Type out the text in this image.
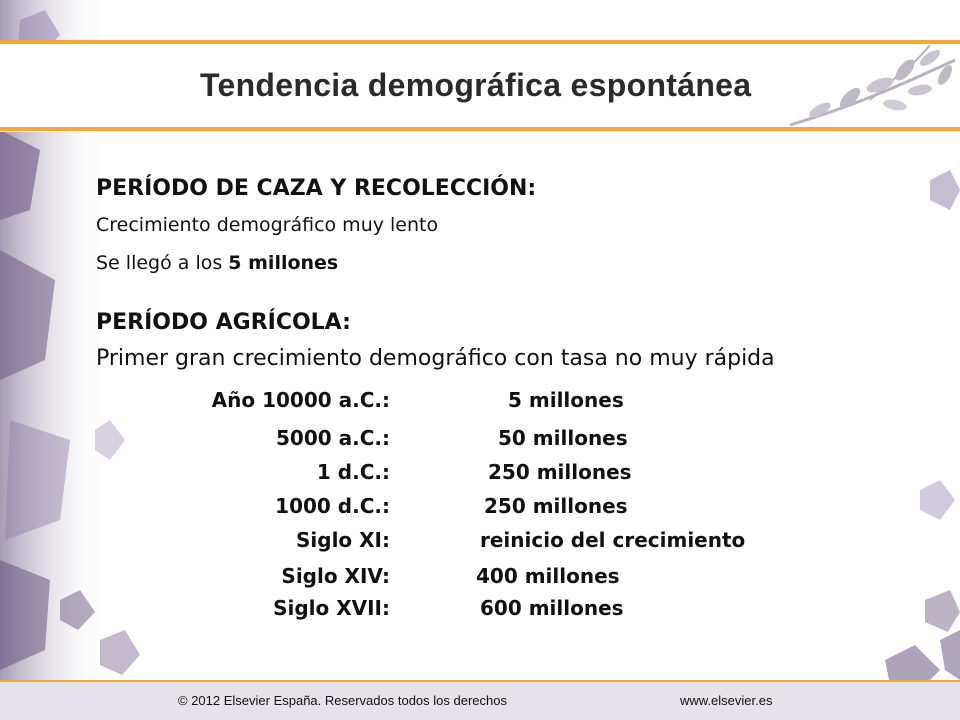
Tendencia demográfica espontánea
PERÍODO DE CAZA Y RECOLECCIÓN:
Crecimiento demográfico muy lento
Se llegó a los 5 millones
PERÍODO AGRÍCOLA:
Primer gran crecimiento demográfico con tasa no muy rápida
Año 10000 a.C.:	5 millones
5000 a.C.:	50 millones
1 d.C.:	250 millones
1000 d.C.:	250 millones
Siglo XI:	reinicio del crecimiento
Siglo XIV:	400 millones
Siglo XVII:	600 millones
© 2012 Elsevier España. Reservados todos los derechos	www.elsevier.es
